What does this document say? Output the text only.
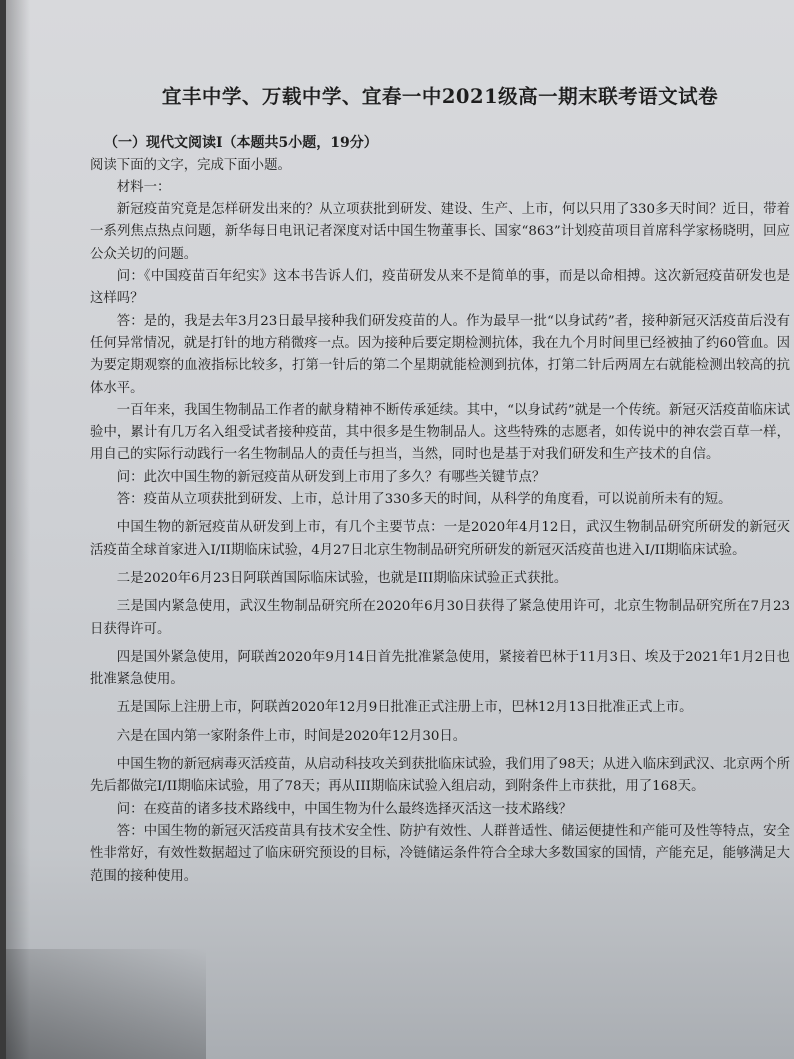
宜丰中学、万载中学、宜春一中2021级高一期末联考语文试卷

（一）现代文阅读Ⅰ（本题共5小题，19分）

阅读下面的文字，完成下面小题。

材料一：

新冠疫苗究竟是怎样研发出来的？从立项获批到研发、建设、生产、上市，何以只用了330多天时间？近日，带着一系列焦点热点问题，新华每日电讯记者深度对话中国生物董事长、国家“863”计划疫苗项目首席科学家杨晓明，回应公众关切的问题。

问：《中国疫苗百年纪实》这本书告诉人们，疫苗研发从来不是简单的事，而是以命相搏。这次新冠疫苗研发也是这样吗？

答：是的，我是去年3月23日最早接种我们研发疫苗的人。作为最早一批“以身试药”者，接种新冠灭活疫苗后没有任何异常情况，就是打针的地方稍微疼一点。因为接种后要定期检测抗体，我在九个月时间里已经被抽了约60管血。因为要定期观察的血液指标比较多，打第一针后的第二个星期就能检测到抗体，打第二针后两周左右就能检测出较高的抗体水平。

一百年来，我国生物制品工作者的献身精神不断传承延续。其中，“以身试药”就是一个传统。新冠灭活疫苗临床试验中，累计有几万名入组受试者接种疫苗，其中很多是生物制品人。这些特殊的志愿者，如传说中的神农尝百草一样，用自己的实际行动践行一名生物制品人的责任与担当，当然，同时也是基于对我们研发和生产技术的自信。

问：此次中国生物的新冠疫苗从研发到上市用了多久？有哪些关键节点？

答：疫苗从立项获批到研发、上市，总计用了330多天的时间，从科学的角度看，可以说前所未有的短。

中国生物的新冠疫苗从研发到上市，有几个主要节点：一是2020年4月12日，武汉生物制品研究所研发的新冠灭活疫苗全球首家进入I/II期临床试验，4月27日北京生物制品研究所研发的新冠灭活疫苗也进入I/II期临床试验。

二是2020年6月23日阿联酋国际临床试验，也就是III期临床试验正式获批。

三是国内紧急使用，武汉生物制品研究所在2020年6月30日获得了紧急使用许可，北京生物制品研究所在7月23日获得许可。

四是国外紧急使用，阿联酋2020年9月14日首先批准紧急使用，紧接着巴林于11月3日、埃及于2021年1月2日也批准紧急使用。

五是国际上注册上市，阿联酋2020年12月9日批准正式注册上市，巴林12月13日批准正式上市。

六是在国内第一家附条件上市，时间是2020年12月30日。

中国生物的新冠病毒灭活疫苗，从启动科技攻关到获批临床试验，我们用了98天；从进入临床到武汉、北京两个所先后都做完I/II期临床试验，用了78天；再从III期临床试验入组启动，到附条件上市获批，用了168天。

问：在疫苗的诸多技术路线中，中国生物为什么最终选择灭活这一技术路线？

答：中国生物的新冠灭活疫苗具有技术安全性、防护有效性、人群普适性、储运便捷性和产能可及性等特点，安全性非常好，有效性数据超过了临床研究预设的目标，冷链储运条件符合全球大多数国家的国情，产能充足，能够满足大范围的接种使用。
